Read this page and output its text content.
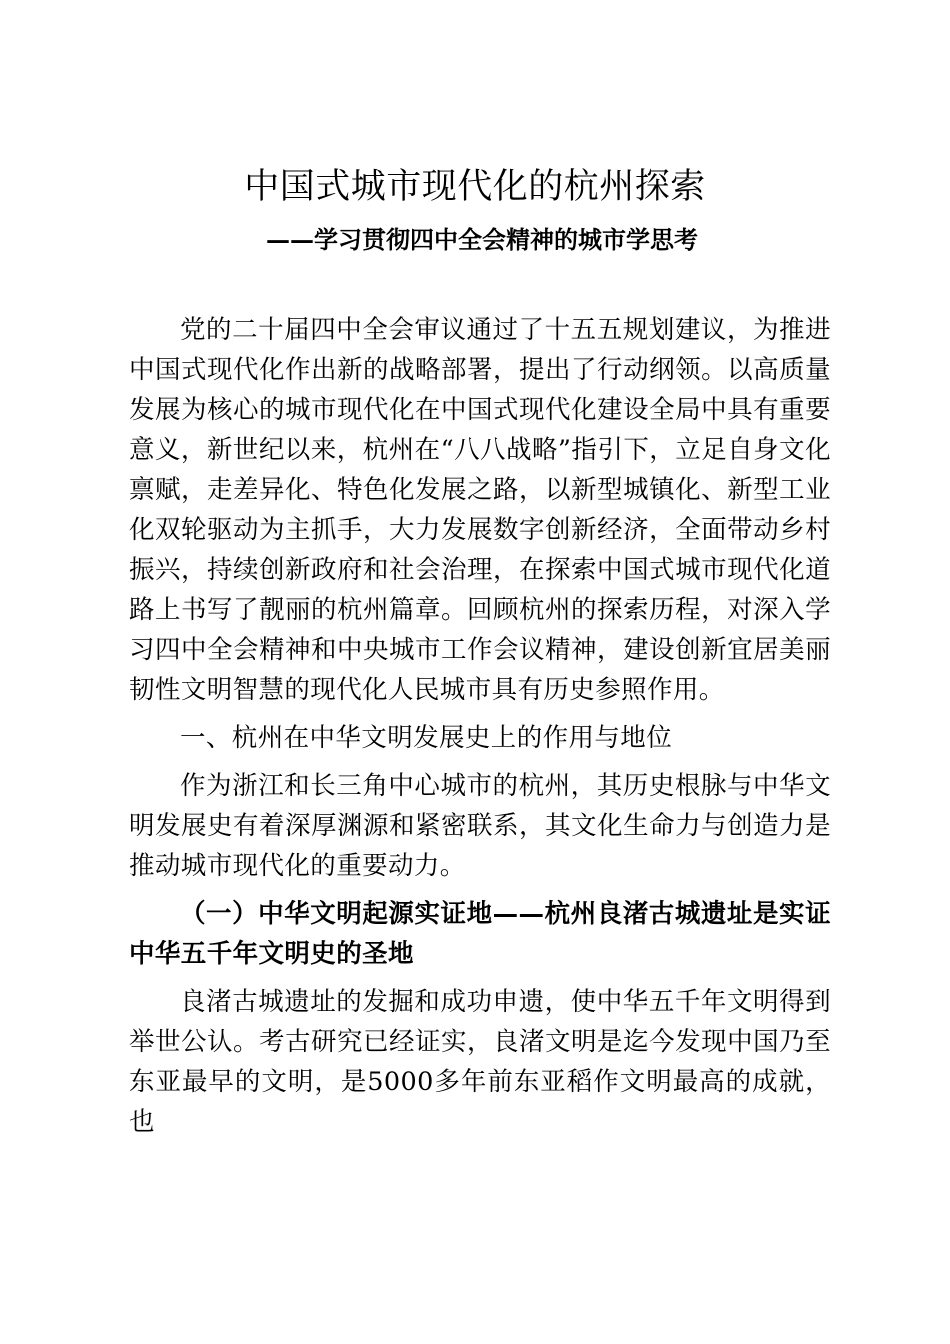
中国式城市现代化的杭州探索
——学习贯彻四中全会精神的城市学思考

党的二十届四中全会审议通过了十五五规划建议，为推进中国式现代化作出新的战略部署，提出了行动纲领。以高质量发展为核心的城市现代化在中国式现代化建设全局中具有重要意义，新世纪以来，杭州在“八八战略”指引下，立足自身文化禀赋，走差异化、特色化发展之路，以新型城镇化、新型工业化双轮驱动为主抓手，大力发展数字创新经济，全面带动乡村振兴，持续创新政府和社会治理，在探索中国式城市现代化道路上书写了靓丽的杭州篇章。回顾杭州的探索历程，对深入学习四中全会精神和中央城市工作会议精神，建设创新宜居美丽韧性文明智慧的现代化人民城市具有历史参照作用。

一、杭州在中华文明发展史上的作用与地位

作为浙江和长三角中心城市的杭州，其历史根脉与中华文明发展史有着深厚渊源和紧密联系，其文化生命力与创造力是推动城市现代化的重要动力。

（一）中华文明起源实证地——杭州良渚古城遗址是实证中华五千年文明史的圣地

良渚古城遗址的发掘和成功申遗，使中华五千年文明得到举世公认。考古研究已经证实，良渚文明是迄今发现中国乃至东亚最早的文明，是5000多年前东亚稻作文明最高的成就，也
